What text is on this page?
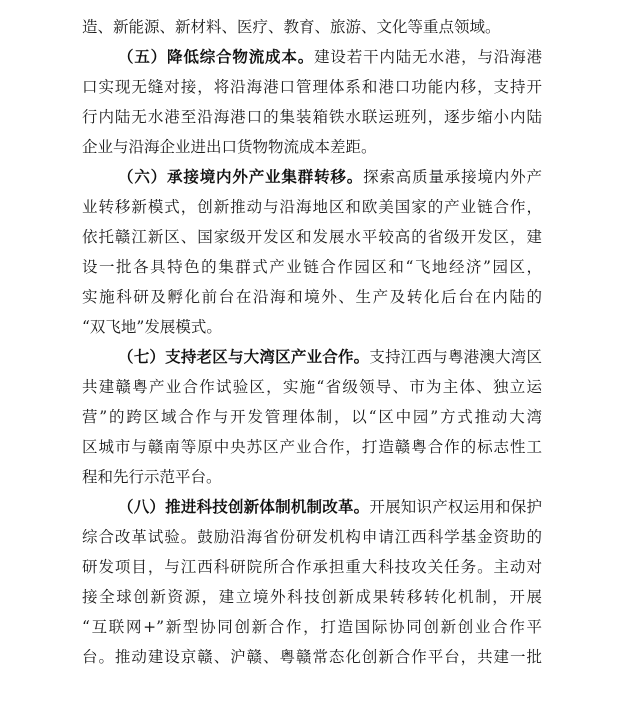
造、新能源、新材料、医疗、教育、旅游、文化等重点领域。
（五）降低综合物流成本。建设若干内陆无水港，与沿海港
口实现无缝对接，将沿海港口管理体系和港口功能内移，支持开
行内陆无水港至沿海港口的集装箱铁水联运班列，逐步缩小内陆
企业与沿海企业进出口货物物流成本差距。
（六）承接境内外产业集群转移。探索高质量承接境内外产
业转移新模式，创新推动与沿海地区和欧美国家的产业链合作，
依托赣江新区、国家级开发区和发展水平较高的省级开发区，建
设一批各具特色的集群式产业链合作园区和“飞地经济”园区，
实施科研及孵化前台在沿海和境外、生产及转化后台在内陆的
“双飞地”发展模式。
（七）支持老区与大湾区产业合作。支持江西与粤港澳大湾区
共建赣粤产业合作试验区，实施“省级领导、市为主体、独立运
营”的跨区域合作与开发管理体制，以“区中园”方式推动大湾
区城市与赣南等原中央苏区产业合作，打造赣粤合作的标志性工
程和先行示范平台。
（八）推进科技创新体制机制改革。开展知识产权运用和保护
综合改革试验。鼓励沿海省份研发机构申请江西科学基金资助的
研发项目，与江西科研院所合作承担重大科技攻关任务。主动对
接全球创新资源，建立境外科技创新成果转移转化机制，开展
“互联网+”新型协同创新合作，打造国际协同创新创业合作平
台。推动建设京赣、沪赣、粤赣常态化创新合作平台，共建一批
